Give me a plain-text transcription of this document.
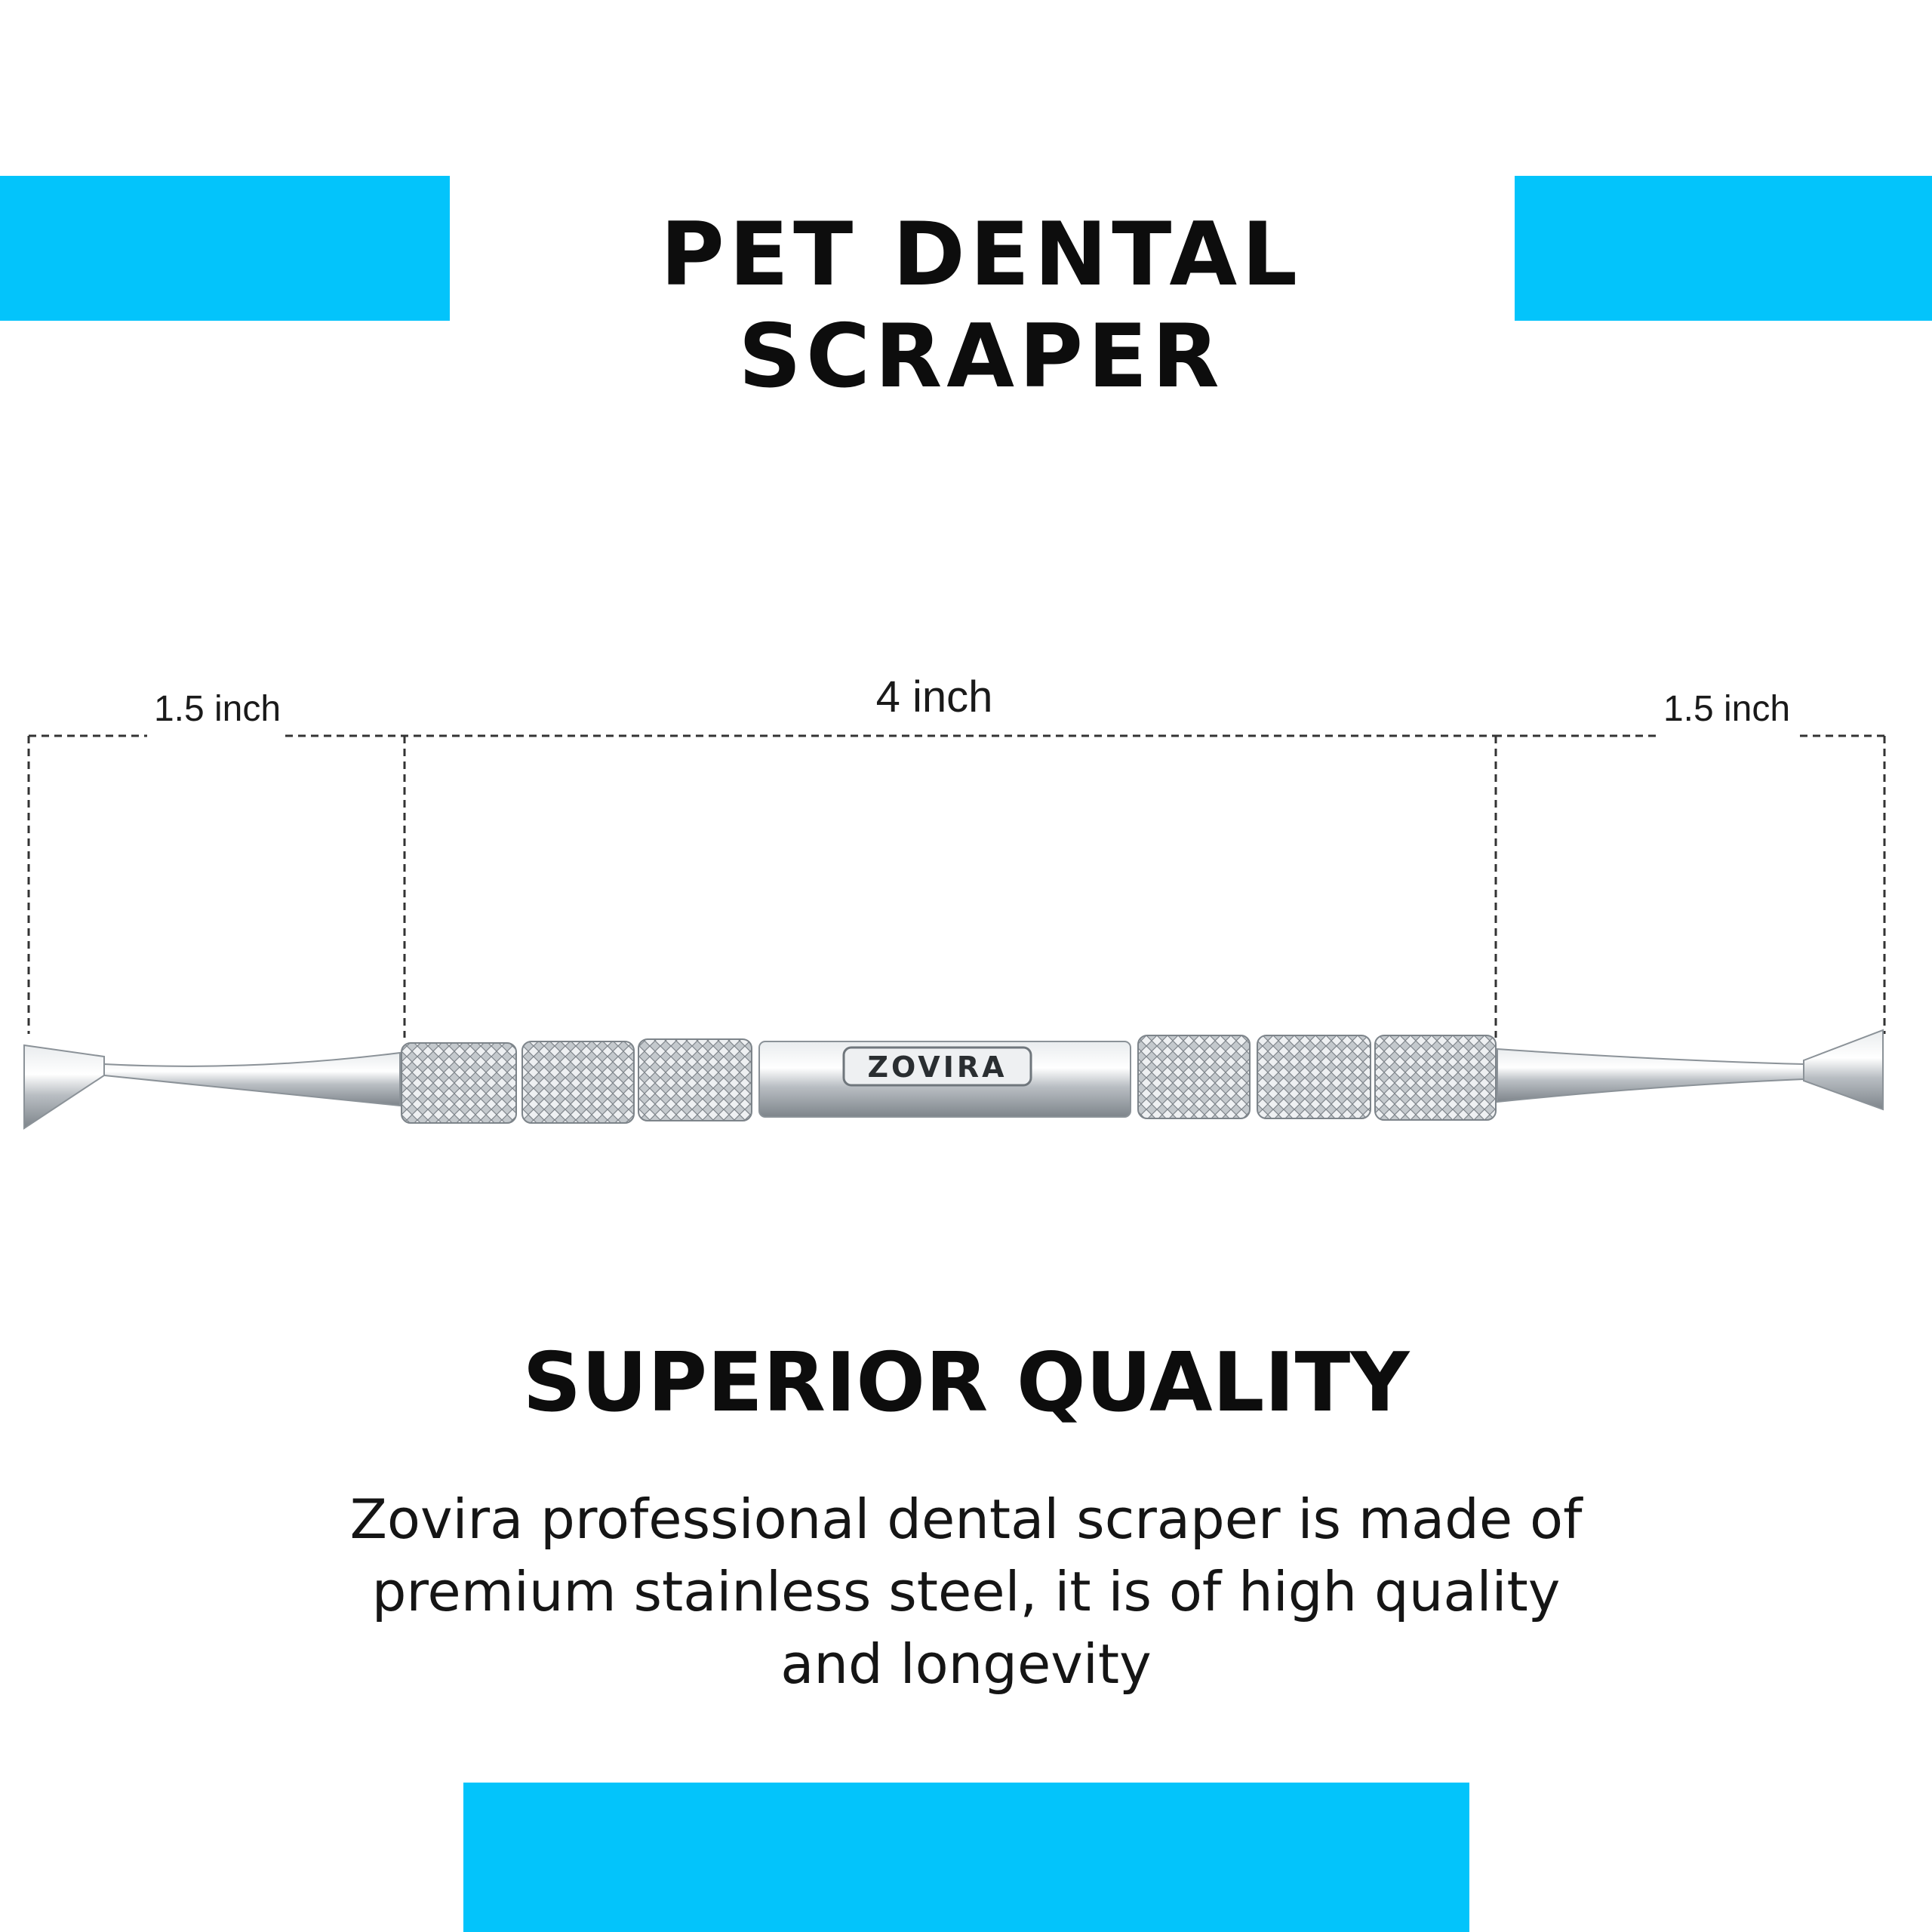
PET DENTAL SCRAPER
1.5 inch	4 inch	1.5 inch
ZOVIRA
SUPERIOR QUALITY
Zovira professional dental scraper is made of premium stainless steel, it is of high quality and longevity
